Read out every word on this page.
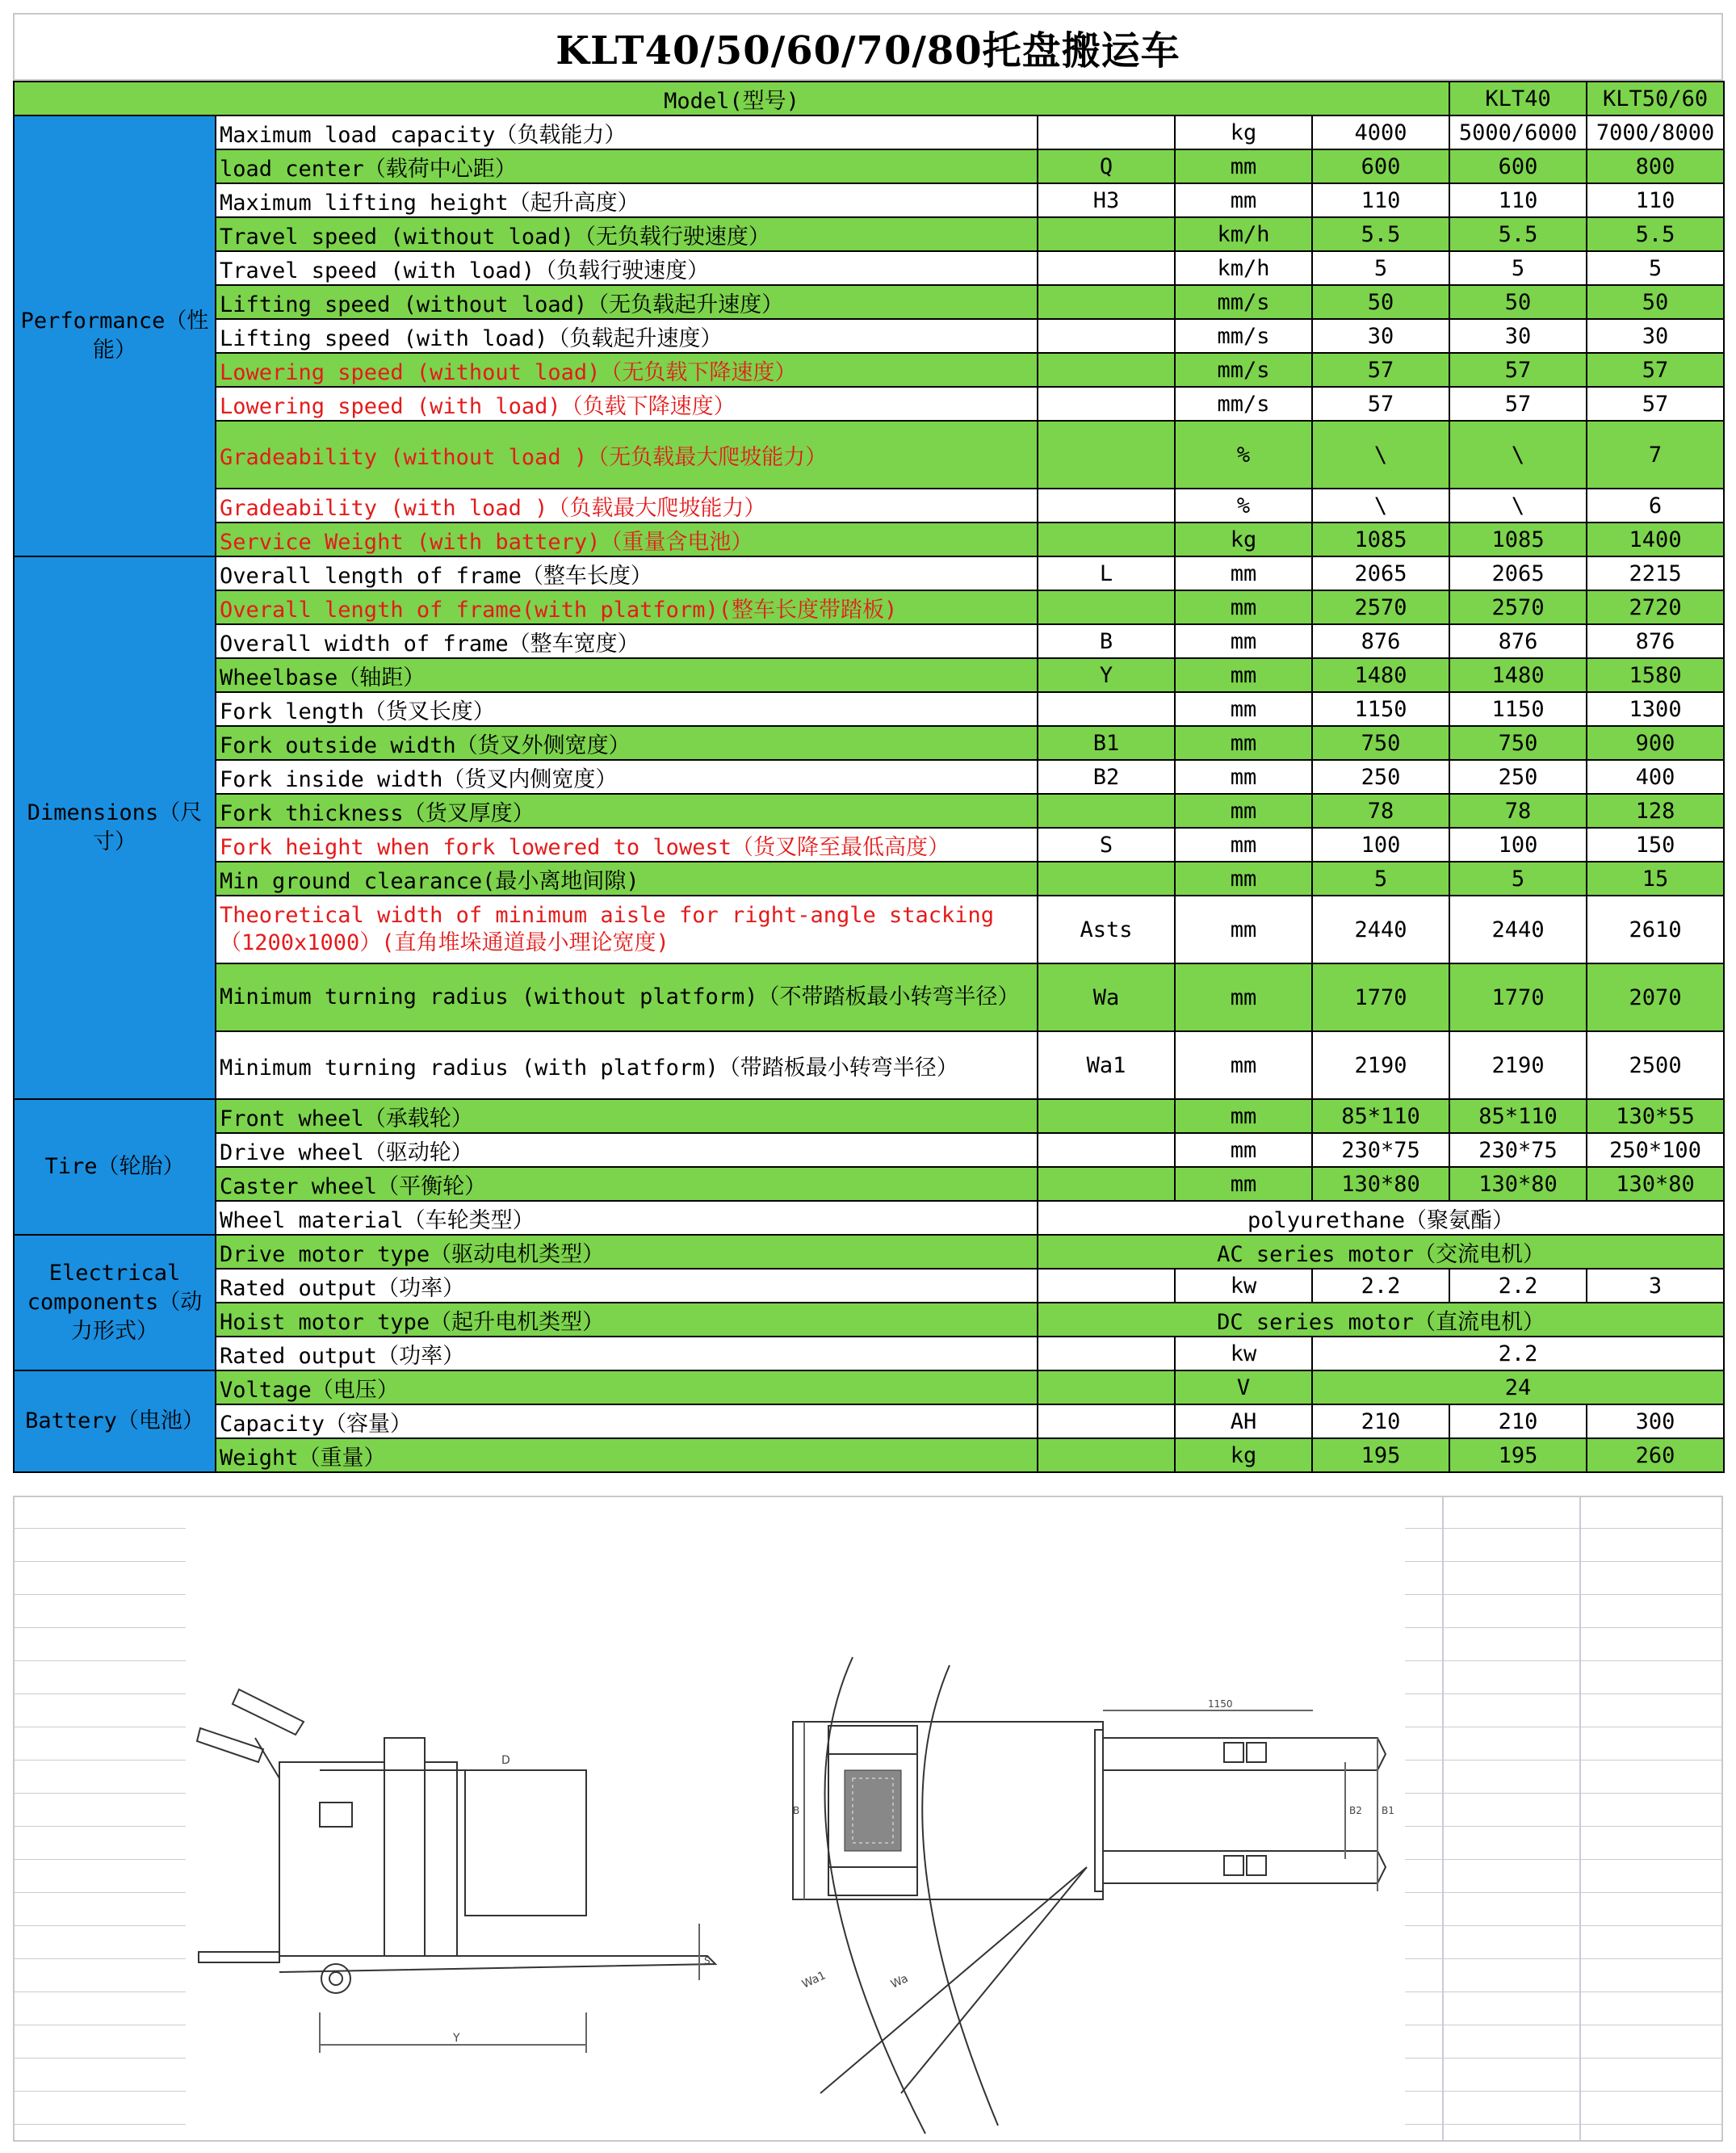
KLT40/50/60/70/80托盘搬运车
Model(型号)					KLT40	KLT50/60	
Performance（性能）	Maximum load capacity（负载能力）		kg	4000	5000/6000	7000/8000	
	load center（载荷中心距）	Q	mm	600	600	800	
	Maximum lifting height（起升高度）	H3	mm	110	110	110	
	Travel speed (without load)（无负载行驶速度）		km/h	5.5	5.5	5.5	
	Travel speed (with load)（负载行驶速度）		km/h	5	5	5	
	Lifting speed (without load)（无负载起升速度）		mm/s	50	50	50	
	Lifting speed (with load)（负载起升速度）		mm/s	30	30	30	
	Lowering speed (without load)（无负载下降速度）		mm/s	57	57	57	
	Lowering speed (with load)（负载下降速度）		mm/s	57	57	57	
	Gradeability (without load )（无负载最大爬坡能力）		%	\	\	7	
	Gradeability (with load )（负载最大爬坡能力）		%	\	\	6	
	Service Weight (with battery)（重量含电池）		kg	1085	1085	1400	
Dimensions（尺寸）	Overall length of frame（整车长度）	L	mm	2065	2065	2215	
	Overall length of frame(with platform)(整车长度带踏板)		mm	2570	2570	2720	
	Overall width of frame（整车宽度）	B	mm	876	876	876	
	Wheelbase（轴距）	Y	mm	1480	1480	1580	
	Fork length（货叉长度）		mm	1150	1150	1300	
	Fork outside width（货叉外侧宽度）	B1	mm	750	750	900	
	Fork inside width（货叉内侧宽度）	B2	mm	250	250	400	
	Fork thickness（货叉厚度）		mm	78	78	128	
	Fork height when fork lowered to lowest（货叉降至最低高度）	S	mm	100	100	150	
	Min ground clearance(最小离地间隙)		mm	5	5	15	
	Theoretical width of minimum aisle for right-angle stacking（1200x1000）(直角堆垛通道最小理论宽度)	Asts	mm	2440	2440	2610	
	Minimum turning radius (without platform)（不带踏板最小转弯半径）	Wa	mm	1770	1770	2070	
	Minimum turning radius (with platform)（带踏板最小转弯半径）	Wa1	mm	2190	2190	2500	
Tire（轮胎）	Front wheel（承载轮）		mm	85*110	85*110	130*55	
	Drive wheel（驱动轮）		mm	230*75	230*75	250*100	
	Caster wheel（平衡轮）		mm	130*80	130*80	130*80	
	Wheel material（车轮类型）	polyurethane（聚氨酯）					
Electrical components（动力形式）	Drive motor type（驱动电机类型）	AC series motor（交流电机）					
	Rated output（功率）		kw	2.2	2.2	3	
	Hoist motor type（起升电机类型）	DC series motor（直流电机）					
	Rated output（功率）		kw	2.2			
Battery（电池）	Voltage（电压）		V	24			
	Capacity（容量）		AH	210	210	300	
	Weight（重量）		kg	195	195	260	
D
Y
S
1150
B	B1
B2
Wa1	Wa
